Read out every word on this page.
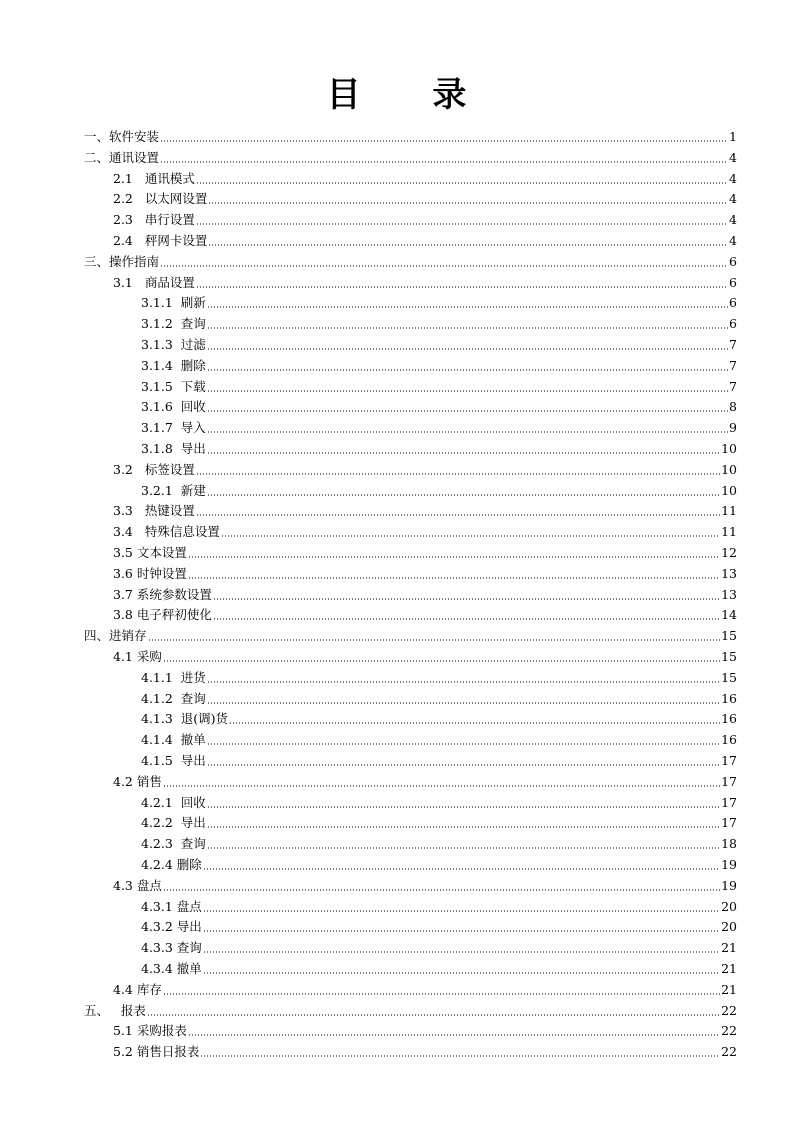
目 录
一、 软件安装	1
二、 通讯设置	4
2.1 通讯模式	4
2.2 以太网设置	4
2.3 串行设置	4
2.4 秤网卡设置	4
三、 操作指南	6
3.1 商品设置	6
3.1.1 刷新	6
3.1.2 查询	6
3.1.3 过滤	7
3.1.4 删除	7
3.1.5 下载	7
3.1.6 回收	8
3.1.7 导入	9
3.1.8 导出	10
3.2 标签设置	10
3.2.1 新建	10
3.3 热键设置	11
3.4 特殊信息设置	11
3.5 文本设置	12
3.6 时钟设置	13
3.7 系统参数设置	13
3.8 电子秤初使化	14
四、 进销存	15
4.1 采购	15
4.1.1 进货	15
4.1.2 查询	16
4.1.3 退(调)货	16
4.1.4 撤单	16
4.1.5 导出	17
4.2 销售	17
4.2.1 回收	17
4.2.2 导出	17
4.2.3 查询	18
4.2.4 删除	19
4.3 盘点	19
4.3.1 盘点	20
4.3.2 导出	20
4.3.3 查询	21
4.3.4 撤单	21
4.4 库存	21
五、 报表	22
5.1 采购报表	22
5.2 销售日报表	22
